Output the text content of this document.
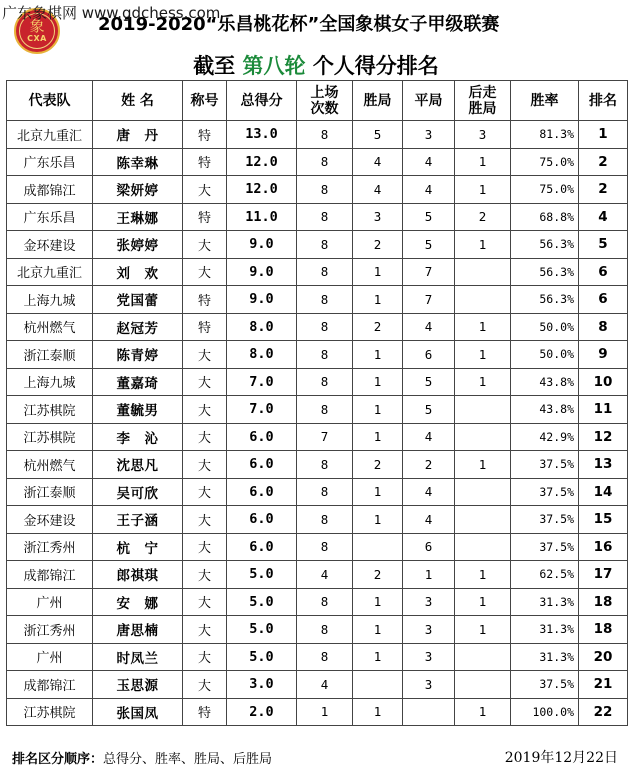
广东象棋网 www.gdchess.com
象
CXA
2019-2020“乐昌桃花杯”全国象棋女子甲级联赛
截至 第八轮 个人得分排名
代表队	姓 名	称号	总得分	上场
次数	胜局	平局	后走
胜局	胜率	排名
北京九重汇	唐　丹	特	13.0	8	5	3	3	81.3%	1
广东乐昌	陈幸琳	特	12.0	8	4	4	1	75.0%	2
成都锦江	梁妍婷	大	12.0	8	4	4	1	75.0%	2
广东乐昌	王琳娜	特	11.0	8	3	5	2	68.8%	4
金环建设	张婷婷	大	9.0	8	2	5	1	56.3%	5
北京九重汇	刘　欢	大	9.0	8	1	7		56.3%	6
上海九城	党国蕾	特	9.0	8	1	7		56.3%	6
杭州燃气	赵冠芳	特	8.0	8	2	4	1	50.0%	8
浙江泰顺	陈青婷	大	8.0	8	1	6	1	50.0%	9
上海九城	董嘉琦	大	7.0	8	1	5	1	43.8%	10
江苏棋院	董毓男	大	7.0	8	1	5		43.8%	11
江苏棋院	李　沁	大	6.0	7	1	4		42.9%	12
杭州燃气	沈思凡	大	6.0	8	2	2	1	37.5%	13
浙江泰顺	吴可欣	大	6.0	8	1	4		37.5%	14
金环建设	王子涵	大	6.0	8	1	4		37.5%	15
浙江秀州	杭　宁	大	6.0	8		6		37.5%	16
成都锦江	郎祺琪	大	5.0	4	2	1	1	62.5%	17
广州	安　娜	大	5.0	8	1	3	1	31.3%	18
浙江秀州	唐思楠	大	5.0	8	1	3	1	31.3%	18
广州	时凤兰	大	5.0	8	1	3		31.3%	20
成都锦江	玉思源	大	3.0	4		3		37.5%	21
江苏棋院	张国凤	特	2.0	1	1		1	100.0%	22
排名区分顺序：总得分、胜率、胜局、后胜局	2019年12月22日
